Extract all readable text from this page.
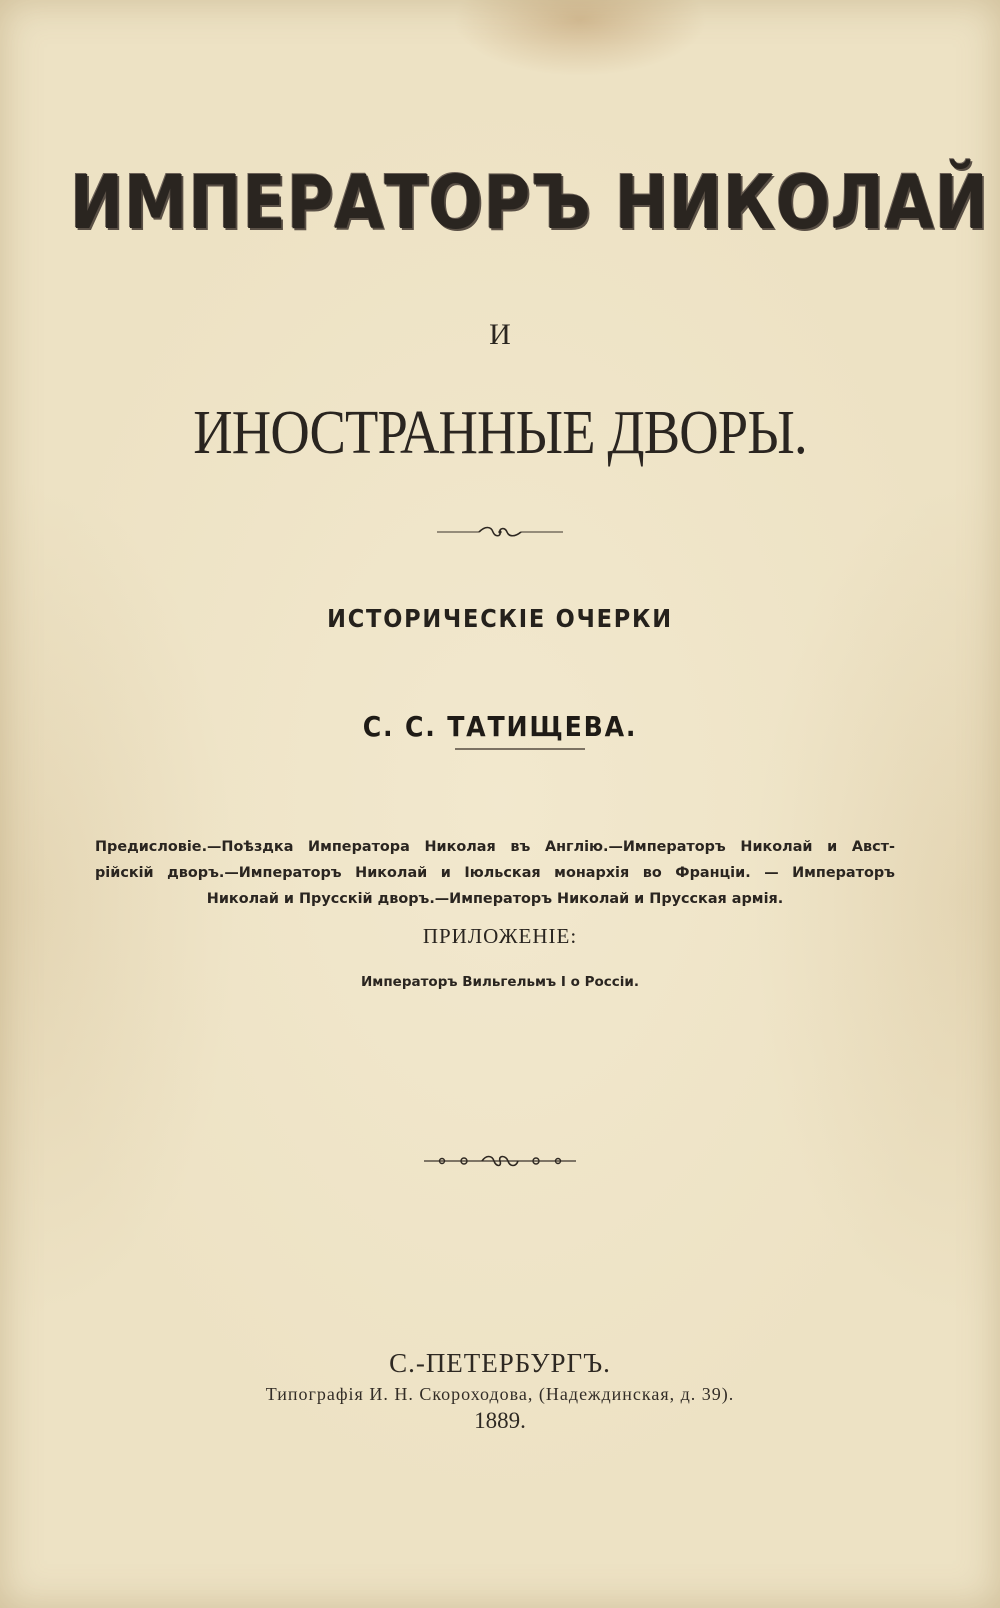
ИМПЕРАТОРЪ НИКОЛАЙ
И
ИНОСТРАННЫЕ ДВОРЫ.
ИСТОРИЧЕСКІЕ ОЧЕРКИ
С. С. ТАТИЩЕВА.
Предисловіе.—Поѣздка Императора Николая въ Англію.—Императоръ Николай и Авст-
рійскій дворъ.—Императоръ Николай и Іюльская монархія во Франціи. — Императоръ
Николай и Прусскій дворъ.—Императоръ Николай и Прусская армія.
ПРИЛОЖЕНІЕ:
Императоръ Вильгельмъ I о Россіи.
С.-ПЕТЕРБУРГЪ.
Типографія И. Н. Скороходова, (Надеждинская, д. 39).
1889.
